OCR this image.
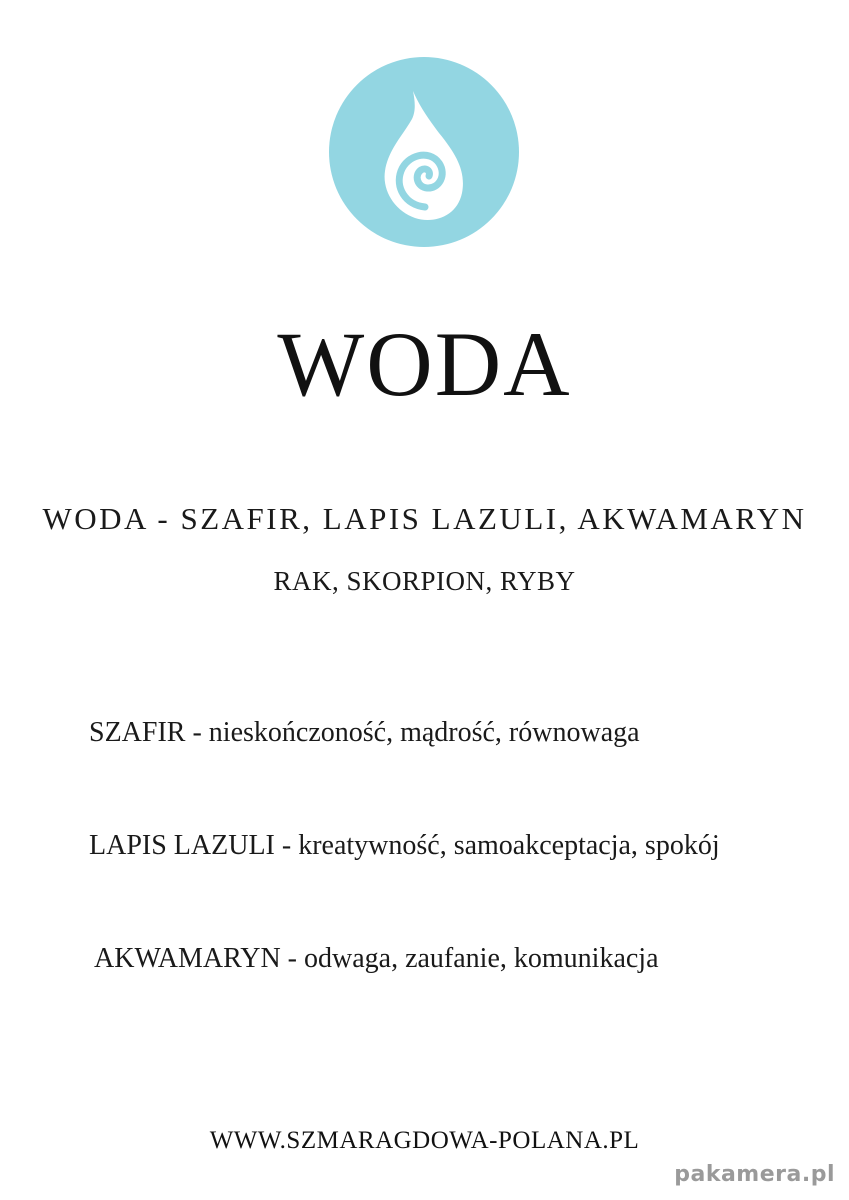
WODA
WODA - SZAFIR, LAPIS LAZULI, AKWAMARYN
RAK, SKORPION, RYBY
SZAFIR - nieskończoność, mądrość, równowaga
LAPIS LAZULI - kreatywność, samoakceptacja, spokój
AKWAMARYN - odwaga, zaufanie, komunikacja
WWW.SZMARAGDOWA-POLANA.PL
pakamera.pl
